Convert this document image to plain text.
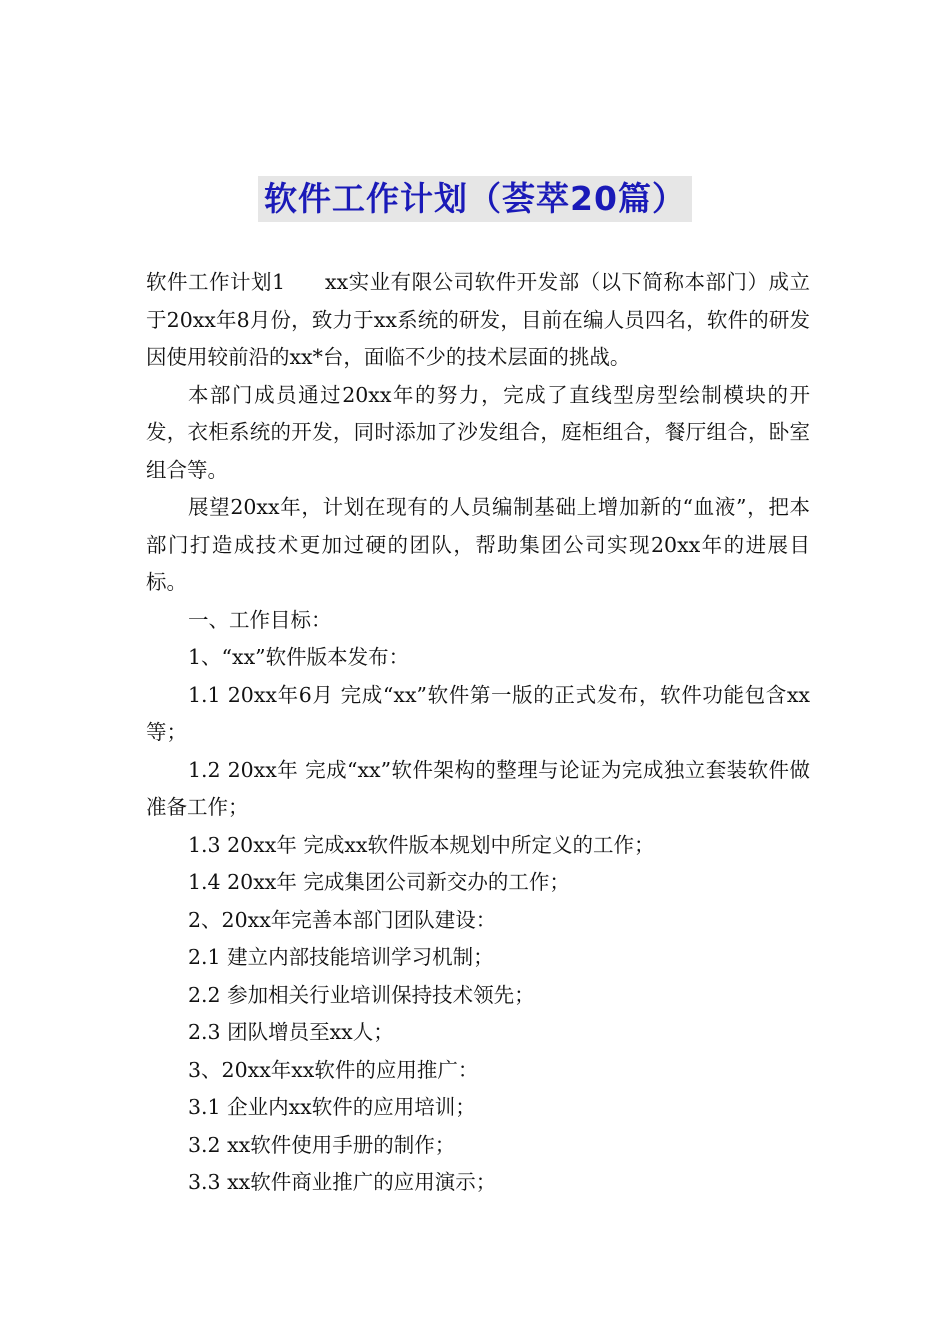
软件工作计划（荟萃20篇）

软件工作计划1 xx实业有限公司软件开发部（以下简称本部门）成立于20xx年8月份，致力于xx系统的研发，目前在编人员四名，软件的研发因使用较前沿的xx*台，面临不少的技术层面的挑战。

本部门成员通过20xx年的努力，完成了直线型房型绘制模块的开发，衣柜系统的开发，同时添加了沙发组合，庭柜组合，餐厅组合，卧室组合等。

展望20xx年，计划在现有的人员编制基础上增加新的“血液”，把本部门打造成技术更加过硬的团队，帮助集团公司实现20xx年的进展目标。

一、工作目标：

1、“xx”软件版本发布：

1.1 20xx年6月 完成“xx”软件第一版的正式发布，软件功能包含xx等；

1.2 20xx年 完成“xx”软件架构的整理与论证为完成独立套装软件做准备工作；

1.3 20xx年 完成xx软件版本规划中所定义的工作；

1.4 20xx年 完成集团公司新交办的工作；

2、20xx年完善本部门团队建设：

2.1 建立内部技能培训学习机制；

2.2 参加相关行业培训保持技术领先；

2.3 团队增员至xx人；

3、20xx年xx软件的应用推广：

3.1 企业内xx软件的应用培训；

3.2 xx软件使用手册的制作；

3.3 xx软件商业推广的应用演示；
